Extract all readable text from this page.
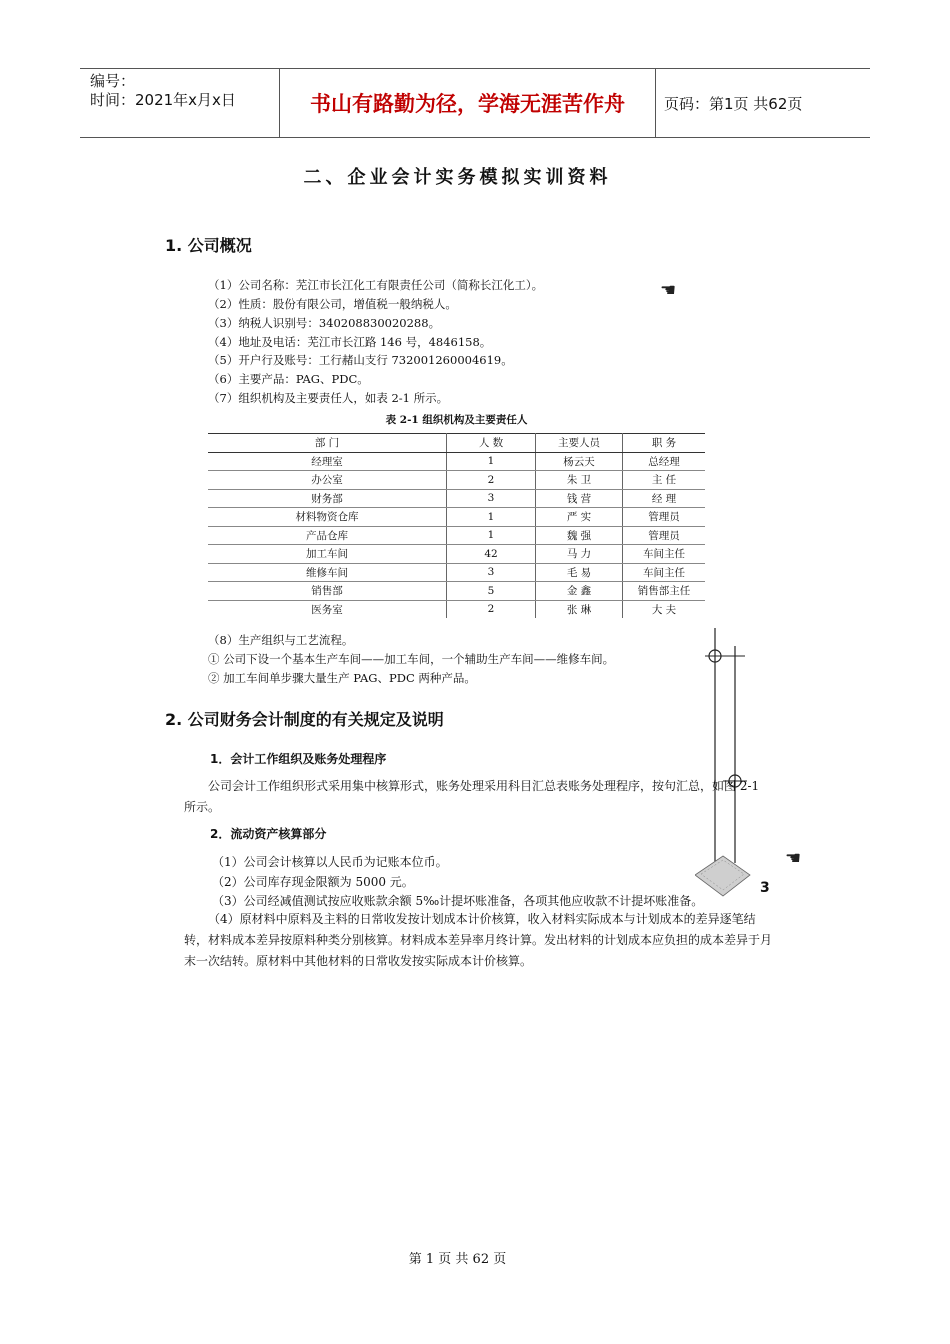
编号：
时间：2021年x月x日	书山有路勤为径，学海无涯苦作舟	页码：第1页 共62页
二、企业会计实务模拟实训资料
1. 公司概况
（1）公司名称：芜江市长江化工有限责任公司（简称长江化工）。
（2）性质：股份有限公司，增值税一般纳税人。
（3）纳税人识别号：340208830020288。
（4）地址及电话：芜江市长江路 146 号，4846158。
（5）开户行及账号：工行赭山支行 732001260004619。
（6）主要产品：PAG、PDC。
（7）组织机构及主要责任人，如表 2-1 所示。
☚
表 2-1 组织机构及主要责任人
部 门	人 数	主要人员	职 务
经理室	1	杨云天	总经理
办公室	2	朱 卫	主 任
财务部	3	钱 营	经 理
材料物资仓库	1	严 实	管理员
产品仓库	1	魏 强	管理员
加工车间	42	马 力	车间主任
维修车间	3	毛 易	车间主任
销售部	5	金 鑫	销售部主任
医务室	2	张 琳	大 夫
（8）生产组织与工艺流程。
① 公司下设一个基本生产车间——加工车间，一个辅助生产车间——维修车间。
② 加工车间单步骤大量生产 PAG、PDC 两种产品。
3
☚
2. 公司财务会计制度的有关规定及说明
1．会计工作组织及账务处理程序
公司会计工作组织形式采用集中核算形式，账务处理采用科目汇总表账务处理程序，按句汇总，如图 2-1 所示。
2．流动资产核算部分
（1）公司会计核算以人民币为记账本位币。
（2）公司库存现金限额为 5000 元。
（3）公司经减值测试按应收账款余额 5‰计提坏账准备，各项其他应收款不计提坏账准备。
（4）原材料中原料及主料的日常收发按计划成本计价核算，收入材料实际成本与计划成本的差异逐笔结转，材料成本差异按原料种类分别核算。材料成本差异率月终计算。发出材料的计划成本应负担的成本差异于月末一次结转。原材料中其他材料的日常收发按实际成本计价核算。
第 1 页 共 62 页
